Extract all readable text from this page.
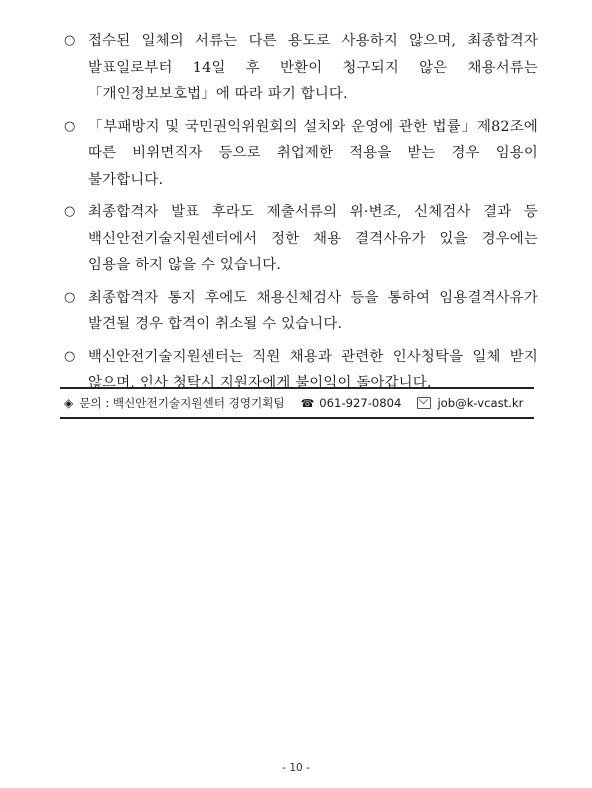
○ 접수된 일체의 서류는 다른 용도로 사용하지 않으며, 최종합격자 발표일로부터 14일 후 반환이 청구되지 않은 채용서류는 「개인정보보호법」에 따라 파기 합니다.
○ 「부패방지 및 국민권익위원회의 설치와 운영에 관한 법률」제82조에 따른 비위면직자 등으로 취업제한 적용을 받는 경우 임용이 불가합니다.
○ 최종합격자 발표 후라도 제출서류의 위·변조, 신체검사 결과 등 백신안전기술지원센터에서 정한 채용 결격사유가 있을 경우에는 임용을 하지 않을 수 있습니다.
○ 최종합격자 통지 후에도 채용신체검사 등을 통하여 임용결격사유가 발견될 경우 합격이 취소될 수 있습니다.
○ 백신안전기술지원센터는 직원 채용과 관련한 인사청탁을 일체 받지 않으며, 인사 청탁시 지원자에게 불이익이 돌아갑니다.
◈ 문의 : 백신안전기술지원센터 경영기획팀 ☎ 061-927-0804	job@k-vcast.kr
- 10 -
